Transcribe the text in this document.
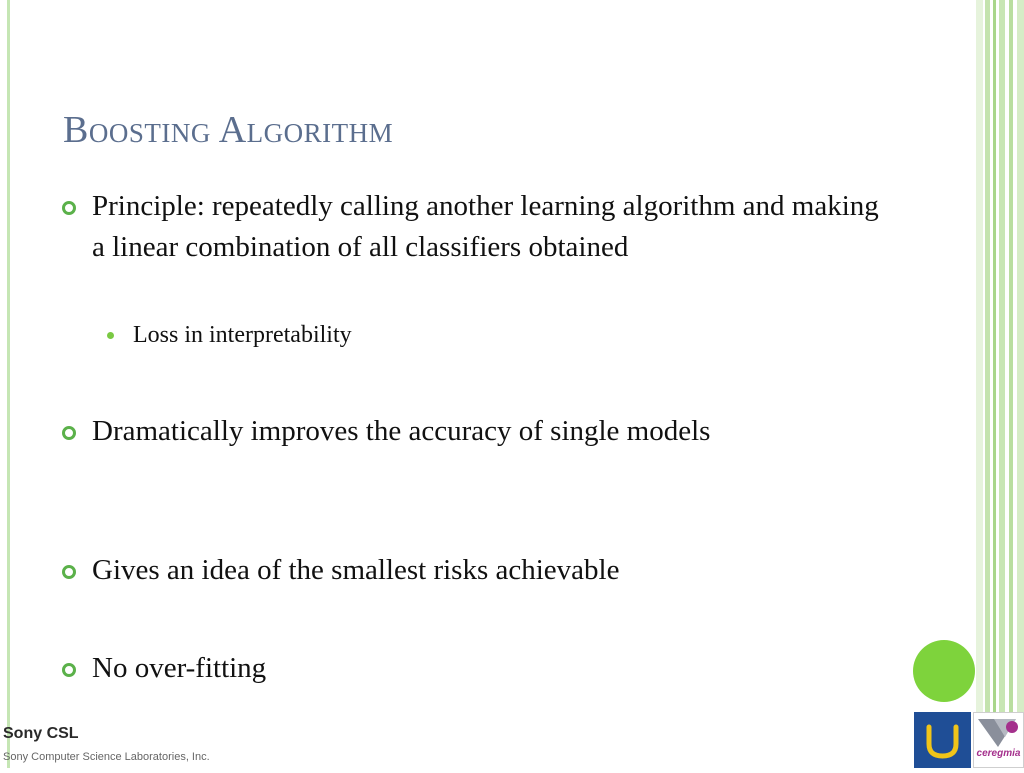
Boosting Algorithm
Principle: repeatedly calling another learning algorithm and making a linear combination of all classifiers obtained
Loss in interpretability
Dramatically improves the accuracy of single models
Gives an idea of the smallest risks achievable
No over-fitting
Sony CSL
Sony Computer Science Laboratories, Inc.	ceregmia
